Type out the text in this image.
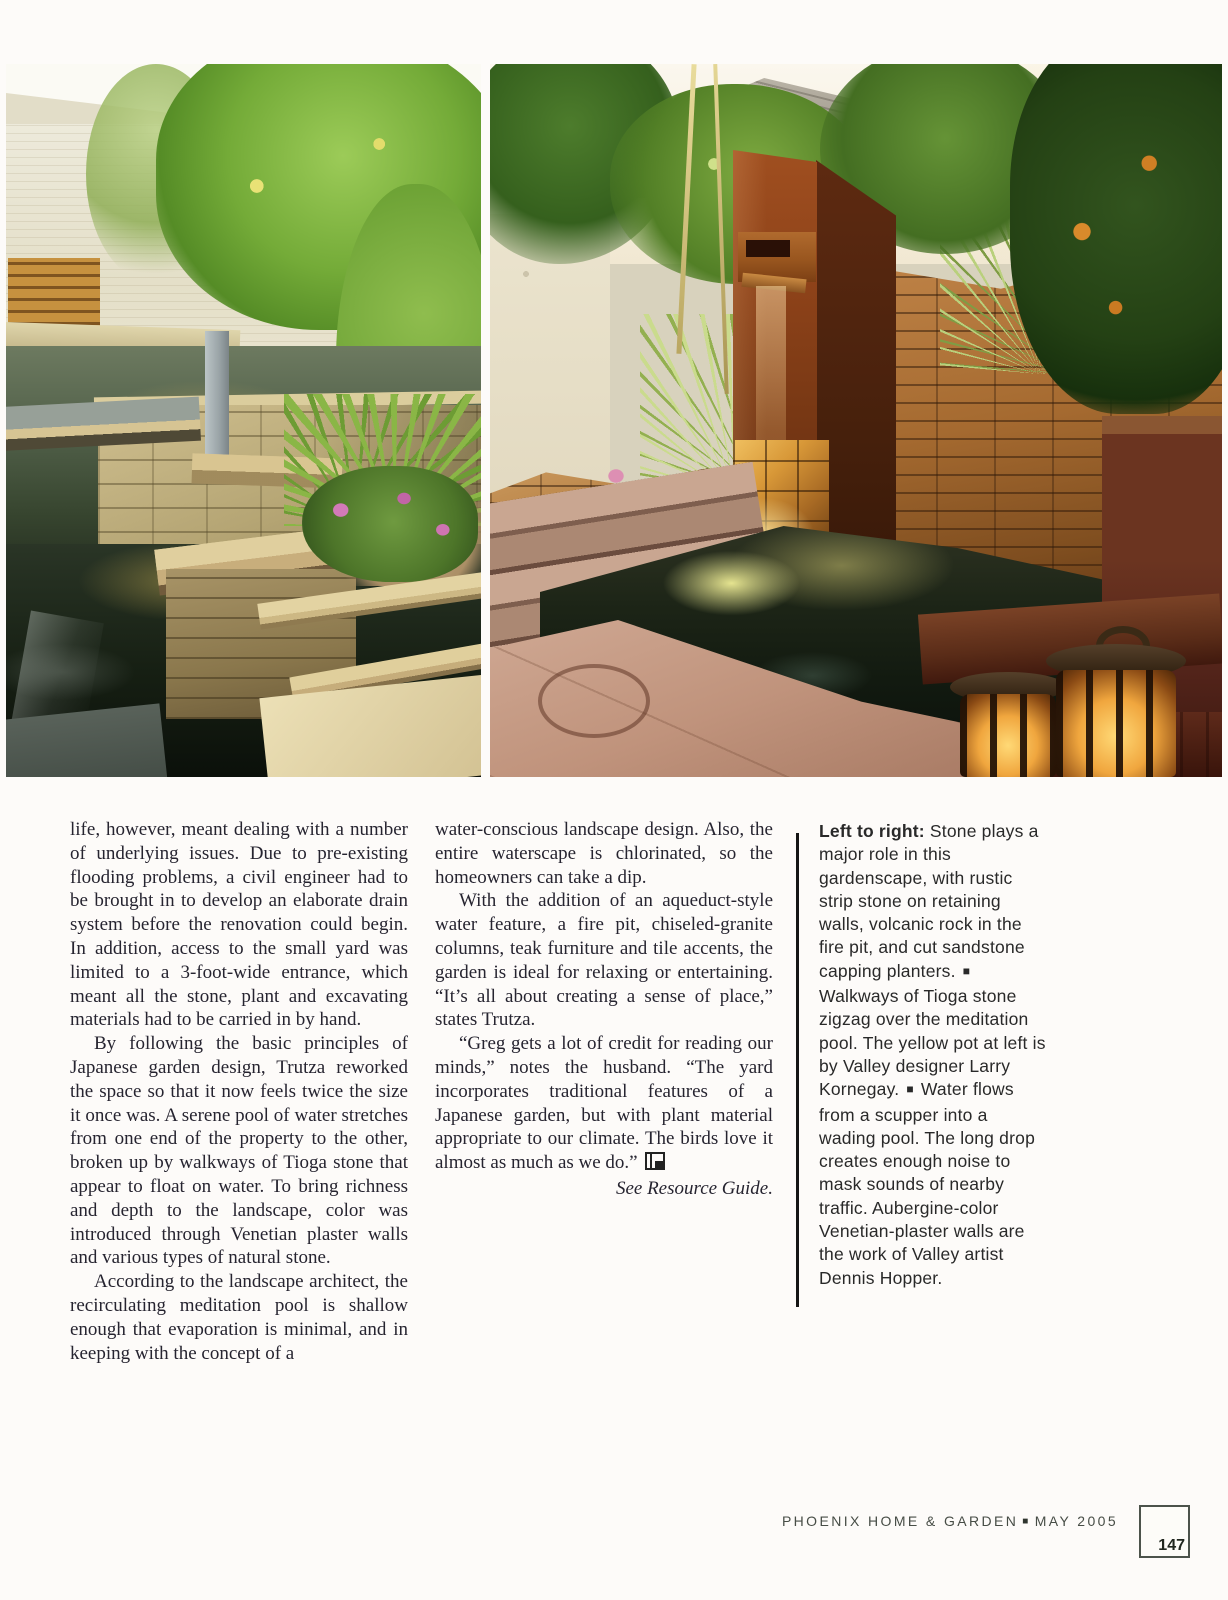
life, however, meant dealing with a number of underlying issues. Due to pre-existing flooding problems, a civil engineer had to be brought in to develop an elaborate drain system before the renovation could begin. In addition, access to the small yard was limited to a 3-foot-wide entrance, which meant all the stone, plant and excavating materials had to be carried in by hand.

By following the basic principles of Japanese garden design, Trutza reworked the space so that it now feels twice the size it once was. A serene pool of water stretches from one end of the property to the other, broken up by walkways of Tioga stone that appear to float on water. To bring richness and depth to the landscape, color was introduced through Venetian plaster walls and various types of natural stone.

According to the landscape architect, the recirculating meditation pool is shallow enough that evaporation is minimal, and in keeping with the concept of a

water-conscious landscape design. Also, the entire waterscape is chlorinated, so the homeowners can take a dip.

With the addition of an aqueduct-style water feature, a fire pit, chiseled-granite columns, teak furniture and tile accents, the garden is ideal for relaxing or entertaining. “It’s all about creating a sense of place,” states Trutza.

“Greg gets a lot of credit for reading our minds,” notes the husband. “The yard incorporates traditional features of a Japanese garden, but with plant material appropriate to our climate. The birds love it almost as much as we do.”

See Resource Guide.

Left to right: Stone plays a major role in this gardenscape, with rustic strip stone on retaining walls, volcanic rock in the fire pit, and cut sandstone capping planters. ■ Walkways of Tioga stone zigzag over the meditation pool. The yellow pot at left is by Valley designer Larry Kornegay. ■ Water flows from a scupper into a wading pool. The long drop creates enough noise to mask sounds of nearby traffic. Aubergine-color Venetian-plaster walls are the work of Valley artist Dennis Hopper.

PHOENIX HOME & GARDEN ■ MAY 2005
147
